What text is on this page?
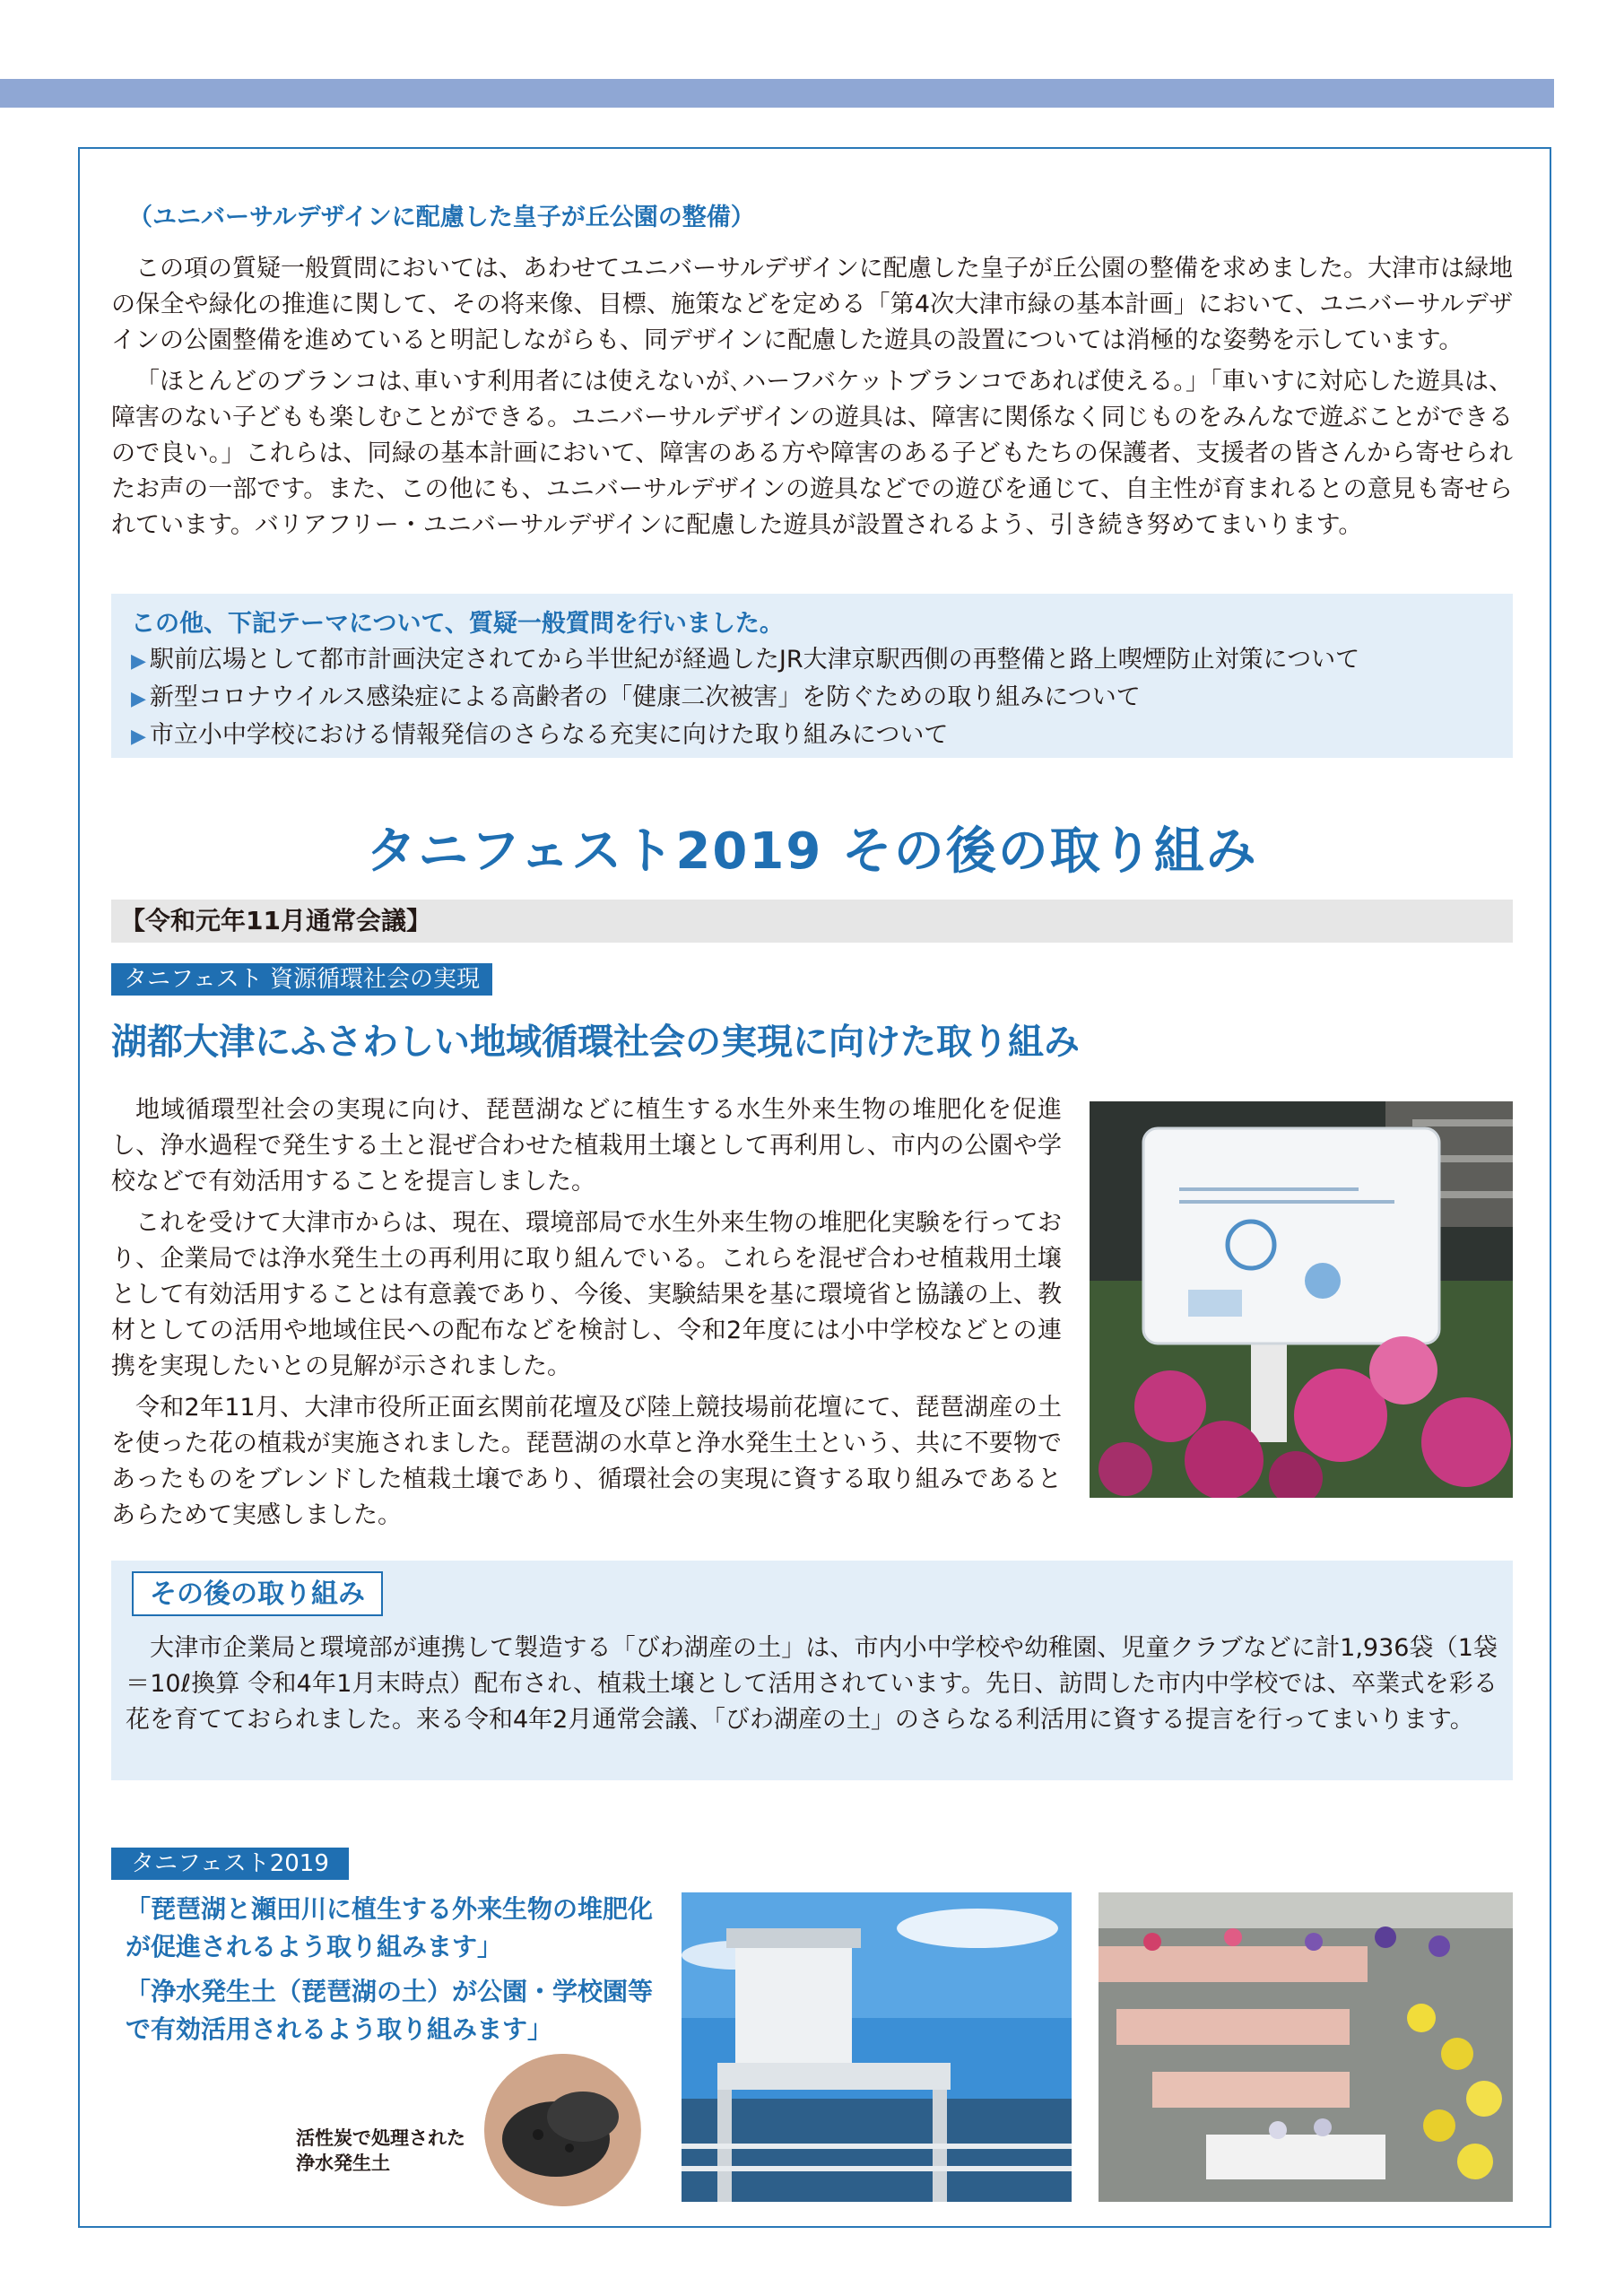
（ユニバーサルデザインに配慮した皇子が丘公園の整備）

この項の質疑一般質問においては、あわせてユニバーサルデザインに配慮した皇子が丘公園の整備を求めました。大津市は緑地の保全や緑化の推進に関して、その将来像、目標、施策などを定める「第4次大津市緑の基本計画」において、ユニバーサルデザインの公園整備を進めていると明記しながらも、同デザインに配慮した遊具の設置については消極的な姿勢を示しています。

「ほとんどのブランコは､車いす利用者には使えないが､ハーフバケットブランコであれば使える｡」「車いすに対応した遊具は、障害のない子どもも楽しむことができる。ユニバーサルデザインの遊具は、障害に関係なく同じものをみんなで遊ぶことができるので良い。」これらは、同緑の基本計画において、障害のある方や障害のある子どもたちの保護者、支援者の皆さんから寄せられたお声の一部です。また、この他にも、ユニバーサルデザインの遊具などでの遊びを通じて、自主性が育まれるとの意見も寄せられています。バリアフリー・ユニバーサルデザインに配慮した遊具が設置されるよう、引き続き努めてまいります。

この他、下記テーマについて、質疑一般質問を行いました。
▶ 駅前広場として都市計画決定されてから半世紀が経過したJR大津京駅西側の再整備と路上喫煙防止対策について
▶ 新型コロナウイルス感染症による高齢者の「健康二次被害」を防ぐための取り組みについて
▶ 市立小中学校における情報発信のさらなる充実に向けた取り組みについて
タニフェスト2019 その後の取り組み
【令和元年11月通常会議】
タニフェスト 資源循環社会の実現
湖都大津にふさわしい地域循環社会の実現に向けた取り組み

地域循環型社会の実現に向け、琵琶湖などに植生する水生外来生物の堆肥化を促進し、浄水過程で発生する土と混ぜ合わせた植栽用土壌として再利用し、市内の公園や学校などで有効活用することを提言しました。

これを受けて大津市からは、現在、環境部局で水生外来生物の堆肥化実験を行っており、企業局では浄水発生土の再利用に取り組んでいる。これらを混ぜ合わせ植栽用土壌として有効活用することは有意義であり、今後、実験結果を基に環境省と協議の上、教材としての活用や地域住民への配布などを検討し、令和2年度には小中学校などとの連携を実現したいとの見解が示されました。

令和2年11月、大津市役所正面玄関前花壇及び陸上競技場前花壇にて、琵琶湖産の土を使った花の植栽が実施されました。琵琶湖の水草と浄水発生土という、共に不要物であったものをブレンドした植栽土壌であり、循環社会の実現に資する取り組みであるとあらためて実感しました。

その後の取り組み

大津市企業局と環境部が連携して製造する「びわ湖産の土」は、市内小中学校や幼稚園、児童クラブなどに計1,936袋（1袋＝10ℓ換算 令和4年1月末時点）配布され、植栽土壌として活用されています。先日、訪問した市内中学校では、卒業式を彩る花を育てておられました。来る令和4年2月通常会議、「びわ湖産の土」のさらなる利活用に資する提言を行ってまいります。

タニフェスト2019
「琵琶湖と瀬田川に植生する外来生物の堆肥化が促進されるよう取り組みます」
「浄水発生土（琵琶湖の土）が公園・学校園等で有効活用されるよう取り組みます」
活性炭で処理された
浄水発生土
